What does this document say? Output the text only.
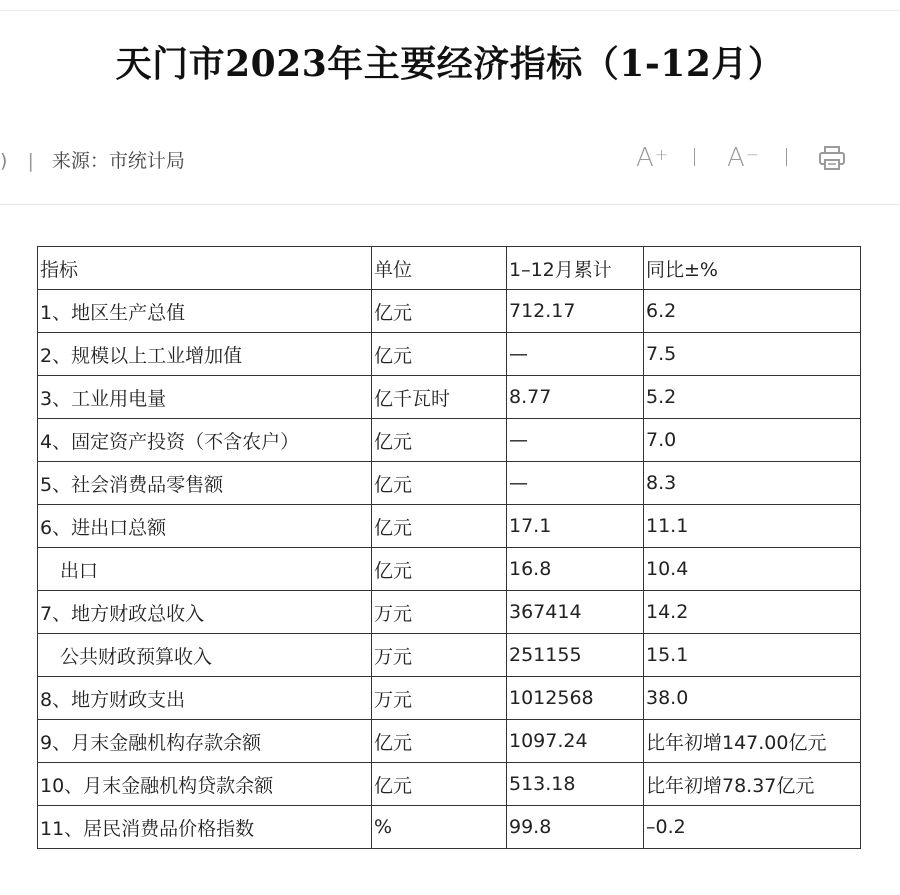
天门市2023年主要经济指标（1-12月）
) | 来源：市统计局	A+ A−
指标	单位	1–12月累计	同比±%
1、地区生产总值	亿元	712.17	6.2
2、规模以上工业增加值	亿元	—	7.5
3、工业用电量	亿千瓦时	8.77	5.2
4、固定资产投资（不含农户）	亿元	—	7.0
5、社会消费品零售额	亿元	—	8.3
6、进出口总额	亿元	17.1	11.1
出口	亿元	16.8	10.4
7、地方财政总收入	万元	367414	14.2
公共财政预算收入	万元	251155	15.1
8、地方财政支出	万元	1012568	38.0
9、月末金融机构存款余额	亿元	1097.24	比年初增147.00亿元
10、月末金融机构贷款余额	亿元	513.18	比年初增78.37亿元
11、居民消费品价格指数	%	99.8	–0.2
